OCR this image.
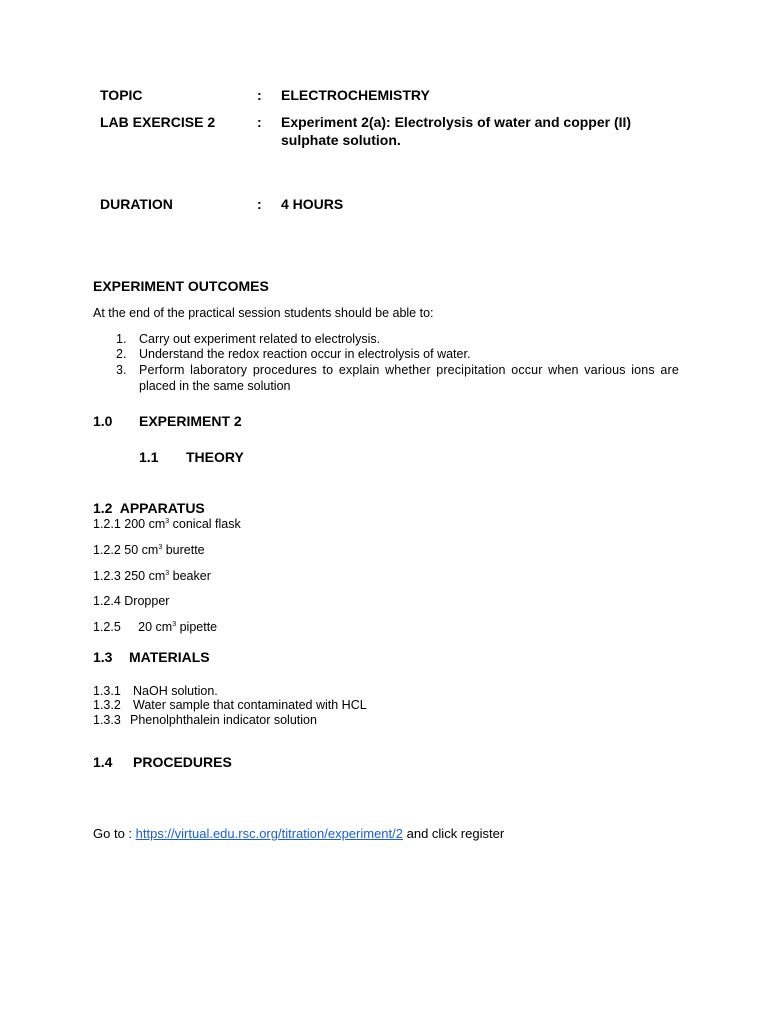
TOPIC	: ELECTROCHEMISTRY
LAB EXERCISE 2	: Experiment 2(a): Electrolysis of water and copper (II)
sulphate solution.
DURATION	: 4 HOURS
EXPERIMENT OUTCOMES
At the end of the practical session students should be able to:
1. Carry out experiment related to electrolysis.
2. Understand the redox reaction occur in electrolysis of water.
3. Perform laboratory procedures to explain whether precipitation occur when various ions are
placed in the same solution
1.0 EXPERIMENT 2
1.1 THEORY
1.2  APPARATUS
1.2.1 200 $cm^3$ conical flask
1.2.2 50 $cm^3$ burette
1.2.3 250 $cm^3$ beaker
1.2.4 Dropper
1.2.5     20 $cm^3$ pipette
1.3 MATERIALS
1.3.1 NaOH solution.
1.3.2 Water sample that contaminated with HCL
1.3.3 Phenolphthalein indicator solution
1.4 PROCEDURES
Go to : https://virtual.edu.rsc.org/titration/experiment/2 and click register
